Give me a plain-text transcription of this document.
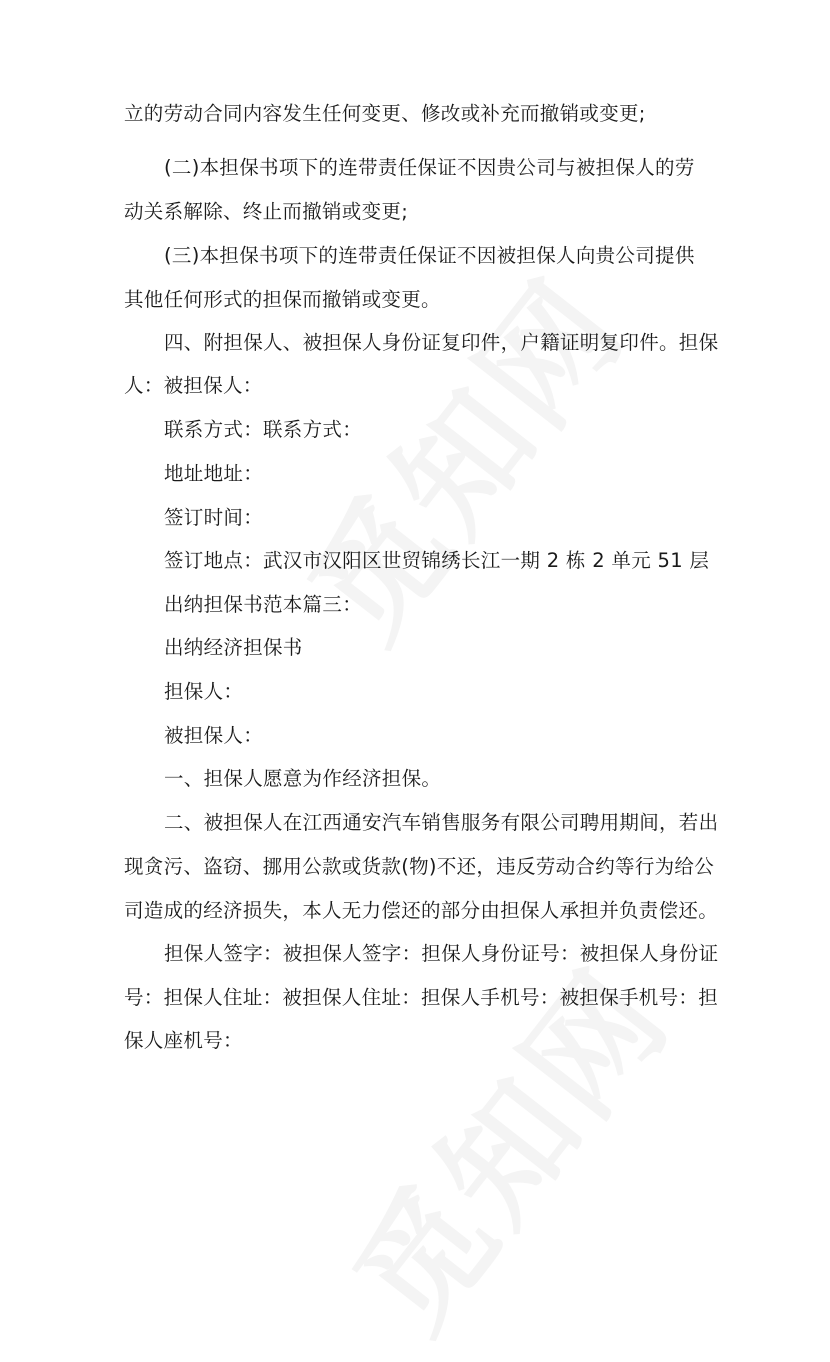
立的劳动合同内容发生任何变更、修改或补充而撤销或变更;
(二)本担保书项下的连带责任保证不因贵公司与被担保人的劳
动关系解除、终止而撤销或变更;
(三)本担保书项下的连带责任保证不因被担保人向贵公司提供
其他任何形式的担保而撤销或变更。
四、附担保人、被担保人身份证复印件，户籍证明复印件。担保
人：被担保人：
联系方式：联系方式：
地址地址：
签订时间：
签订地点：武汉市汉阳区世贸锦绣长江一期 2 栋 2 单元 51 层
出纳担保书范本篇三：
出纳经济担保书
担保人：
被担保人：
一、担保人愿意为作经济担保。
二、被担保人在江西通安汽车销售服务有限公司聘用期间，若出
现贪污、盗窃、挪用公款或货款(物)不还，违反劳动合约等行为给公
司造成的经济损失，本人无力偿还的部分由担保人承担并负责偿还。
担保人签字：被担保人签字：担保人身份证号：被担保人身份证
号：担保人住址：被担保人住址：担保人手机号：被担保手机号：担
保人座机号：
